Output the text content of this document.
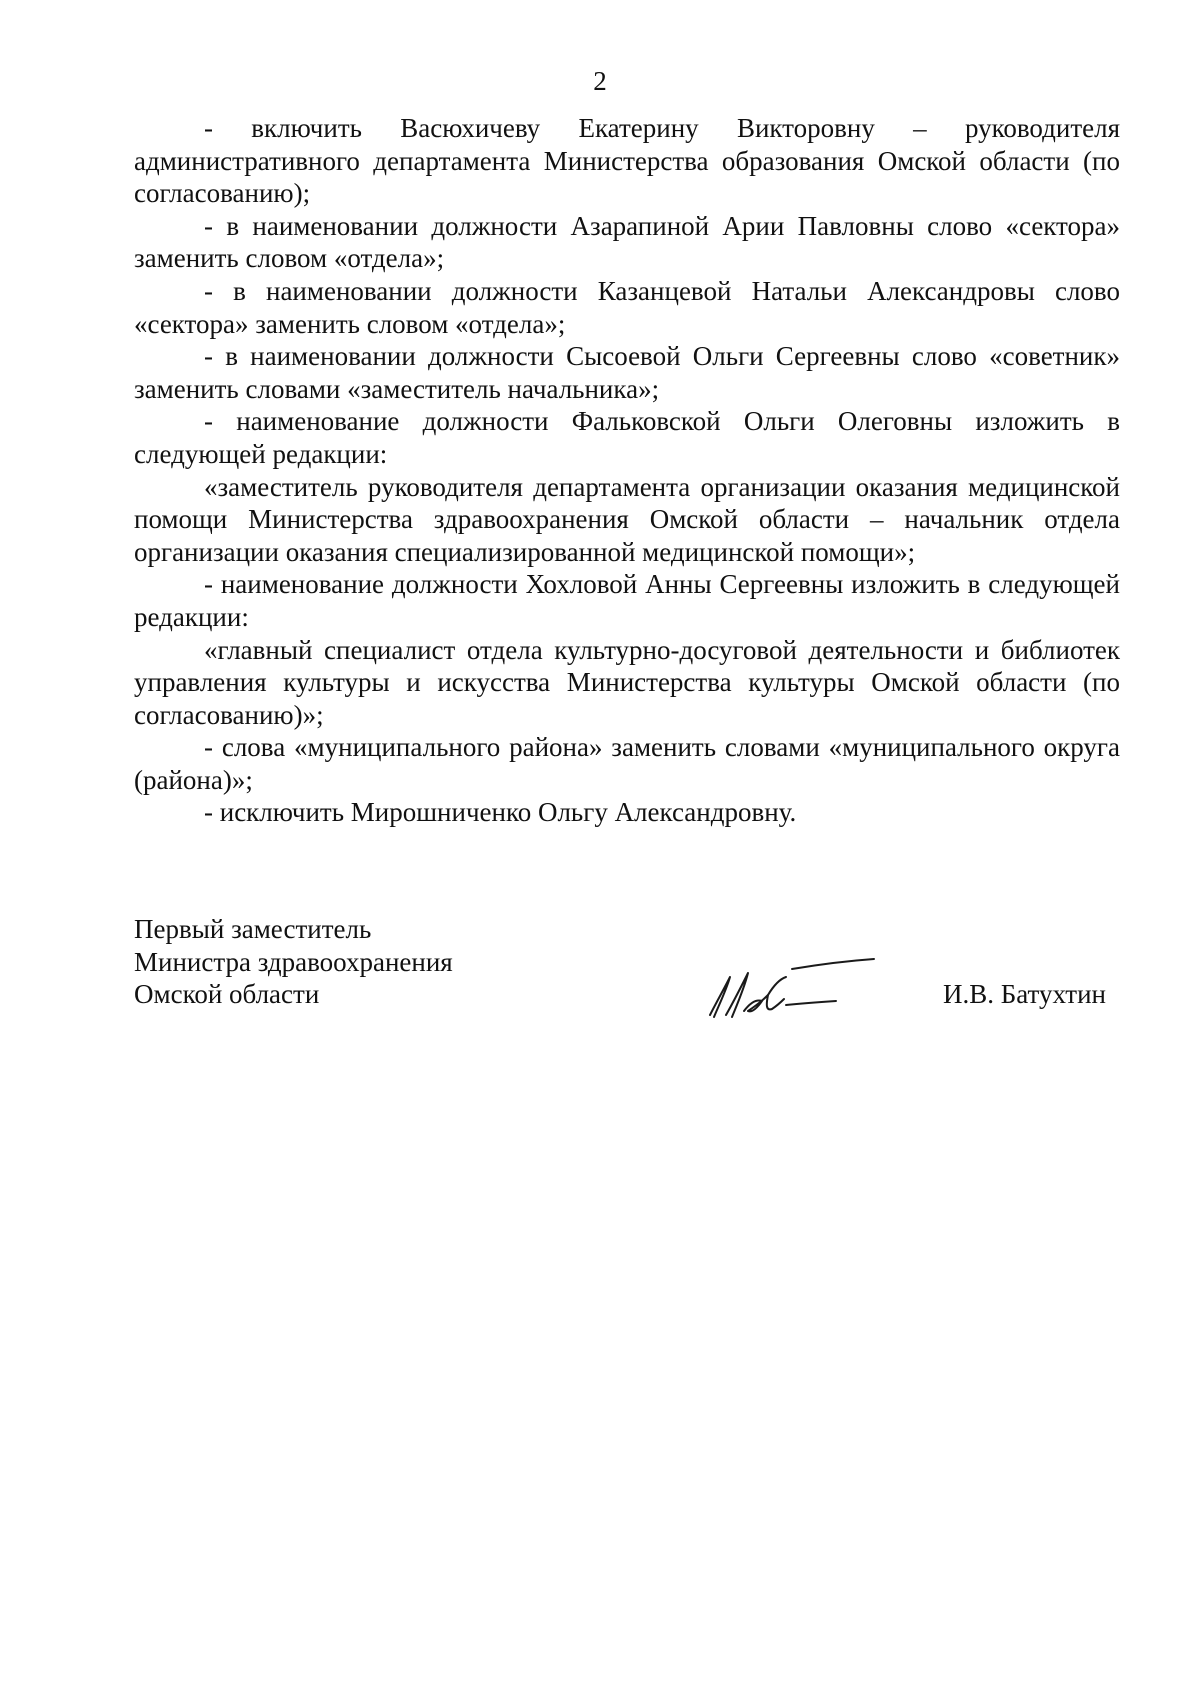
2

- включить Васюхичеву Екатерину Викторовну – руководителя административного департамента Министерства образования Омской области (по согласованию);

- в наименовании должности Азарапиной Арии Павловны слово «сектора» заменить словом «отдела»;

- в наименовании должности Казанцевой Натальи Александровы слово «сектора» заменить словом «отдела»;

- в наименовании должности Сысоевой Ольги Сергеевны слово «советник» заменить словами «заместитель начальника»;

- наименование должности Фальковской Ольги Олеговны изложить в следующей редакции:

«заместитель руководителя департамента организации оказания медицинской помощи Министерства здравоохранения Омской области – начальник отдела организации оказания специализированной медицинской помощи»;

- наименование должности Хохловой Анны Сергеевны изложить в следующей редакции:

«главный специалист отдела культурно-досуговой деятельности и библиотек управления культуры и искусства Министерства культуры Омской области (по согласованию)»;

- слова «муниципального района» заменить словами «муниципального округа (района)»;

- исключить Мирошниченко Ольгу Александровну.

Первый заместитель
Министра здравоохранения
Омской области	И.В. Батухтин
